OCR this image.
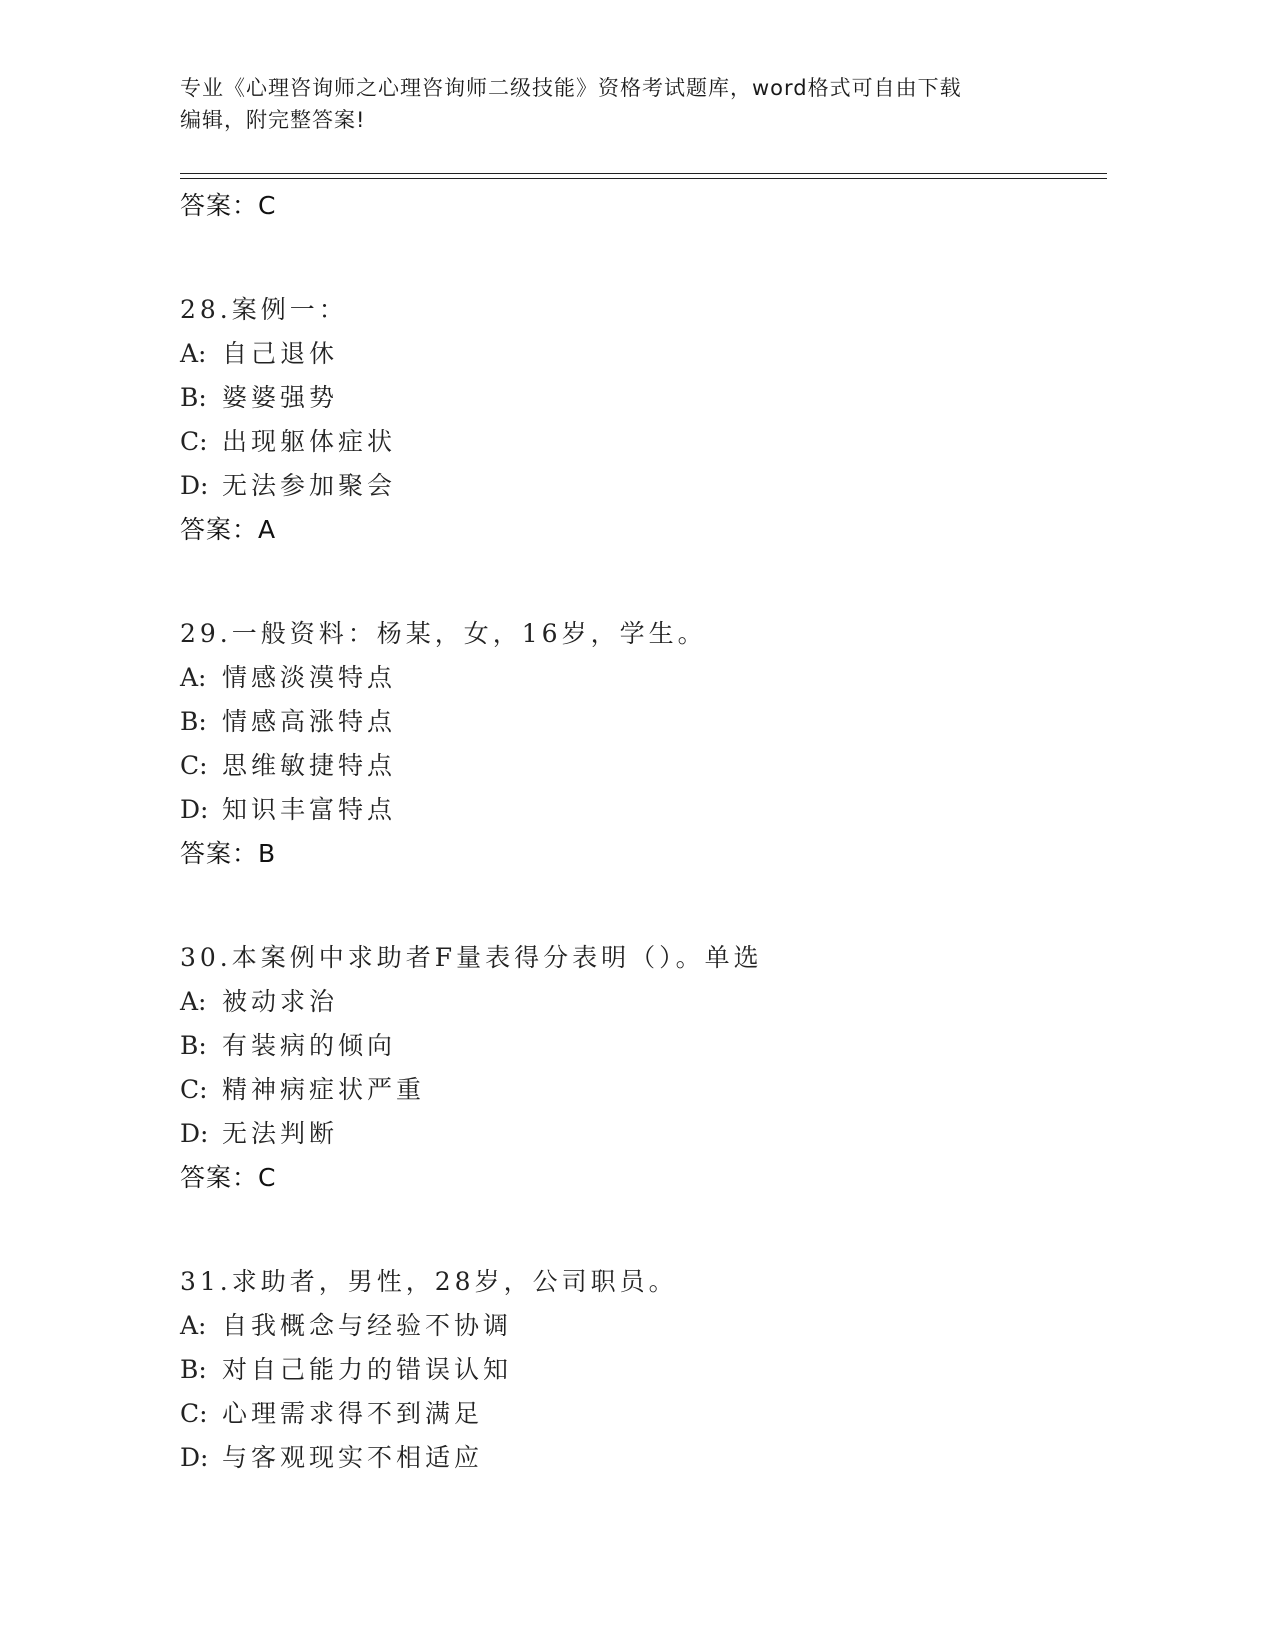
专业《心理咨询师之心理咨询师二级技能》资格考试题库，word格式可自由下载
编辑，附完整答案!
答案：C
28.案例一：
A: 自己退休
B: 婆婆强势
C: 出现躯体症状
D: 无法参加聚会
答案：A
29.一般资料：杨某，女，16岁，学生。
A: 情感淡漠特点
B: 情感高涨特点
C: 思维敏捷特点
D: 知识丰富特点
答案：B
30.本案例中求助者F量表得分表明（）。单选
A: 被动求治
B: 有装病的倾向
C: 精神病症状严重
D: 无法判断
答案：C
31.求助者，男性，28岁，公司职员。
A: 自我概念与经验不协调
B: 对自己能力的错误认知
C: 心理需求得不到满足
D: 与客观现实不相适应
